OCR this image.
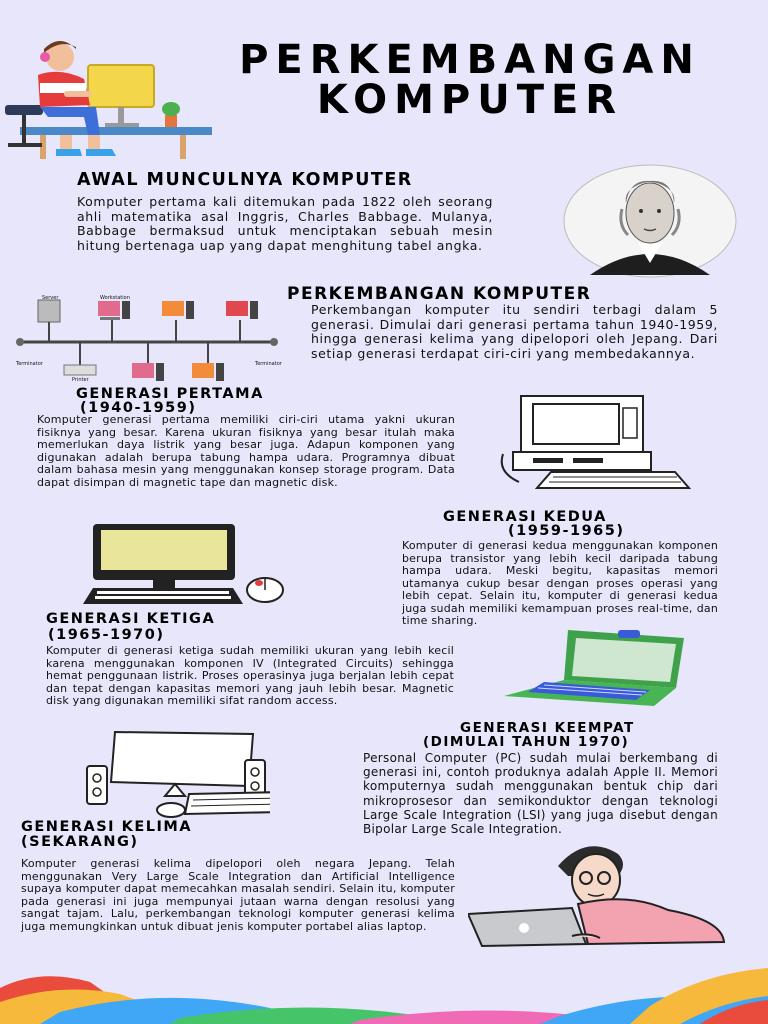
PERKEMBANGAN
KOMPUTER
AWAL MUNCULNYA KOMPUTER
Komputer pertama kali ditemukan pada 1822 oleh seorang ahli matematika asal Inggris, Charles Babbage. Mulanya, Babbage bermaksud untuk menciptakan sebuah mesin hitung bertenaga uap yang dapat menghitung tabel angka.
Server	Workstation
Terminator	Terminator
Printer
PERKEMBANGAN KOMPUTER
Perkembangan komputer itu sendiri terbagi dalam 5 generasi. Dimulai dari generasi pertama tahun 1940-1959, hingga generasi kelima yang dipelopori oleh Jepang. Dari setiap generasi terdapat ciri-ciri yang membedakannya.
GENERASI PERTAMA
(1940-1959)
Komputer generasi pertama memiliki ciri-ciri utama yakni ukuran fisiknya yang besar. Karena ukuran fisiknya yang besar itulah maka memerlukan daya listrik yang besar juga. Adapun komponen yang digunakan adalah berupa tabung hampa udara. Programnya dibuat dalam bahasa mesin yang menggunakan konsep storage program. Data dapat disimpan di magnetic tape dan magnetic disk.
GENERASI KEDUA
(1959-1965)
Komputer di generasi kedua menggunakan komponen berupa transistor yang lebih kecil daripada tabung hampa udara. Meski begitu, kapasitas memori utamanya cukup besar dengan proses operasi yang lebih cepat. Selain itu, komputer di generasi kedua juga sudah memiliki kemampuan proses real-time, dan time sharing.
GENERASI KETIGA
(1965-1970)
Komputer di generasi ketiga sudah memiliki ukuran yang lebih kecil karena menggunakan komponen IV (Integrated Circuits) sehingga hemat penggunaan listrik. Proses operasinya juga berjalan lebih cepat dan tepat dengan kapasitas memori yang jauh lebih besar. Magnetic disk yang digunakan memiliki sifat random access.
GENERASI KEEMPAT
(DIMULAI TAHUN 1970)
Personal Computer (PC) sudah mulai berkembang di generasi ini, contoh produknya adalah Apple II. Memori komputernya sudah menggunakan bentuk chip dari mikroprosesor dan semikonduktor dengan teknologi Large Scale Integration (LSI) yang juga disebut dengan Bipolar Large Scale Integration.
GENERASI KELIMA
(SEKARANG)
Komputer generasi kelima dipelopori oleh negara Jepang. Telah menggunakan Very Large Scale Integration dan Artificial Intelligence supaya komputer dapat memecahkan masalah sendiri. Selain itu, komputer pada generasi ini juga mempunyai jutaan warna dengan resolusi yang sangat tajam. Lalu, perkembangan teknologi komputer generasi kelima juga memungkinkan untuk dibuat jenis komputer portabel alias laptop.
